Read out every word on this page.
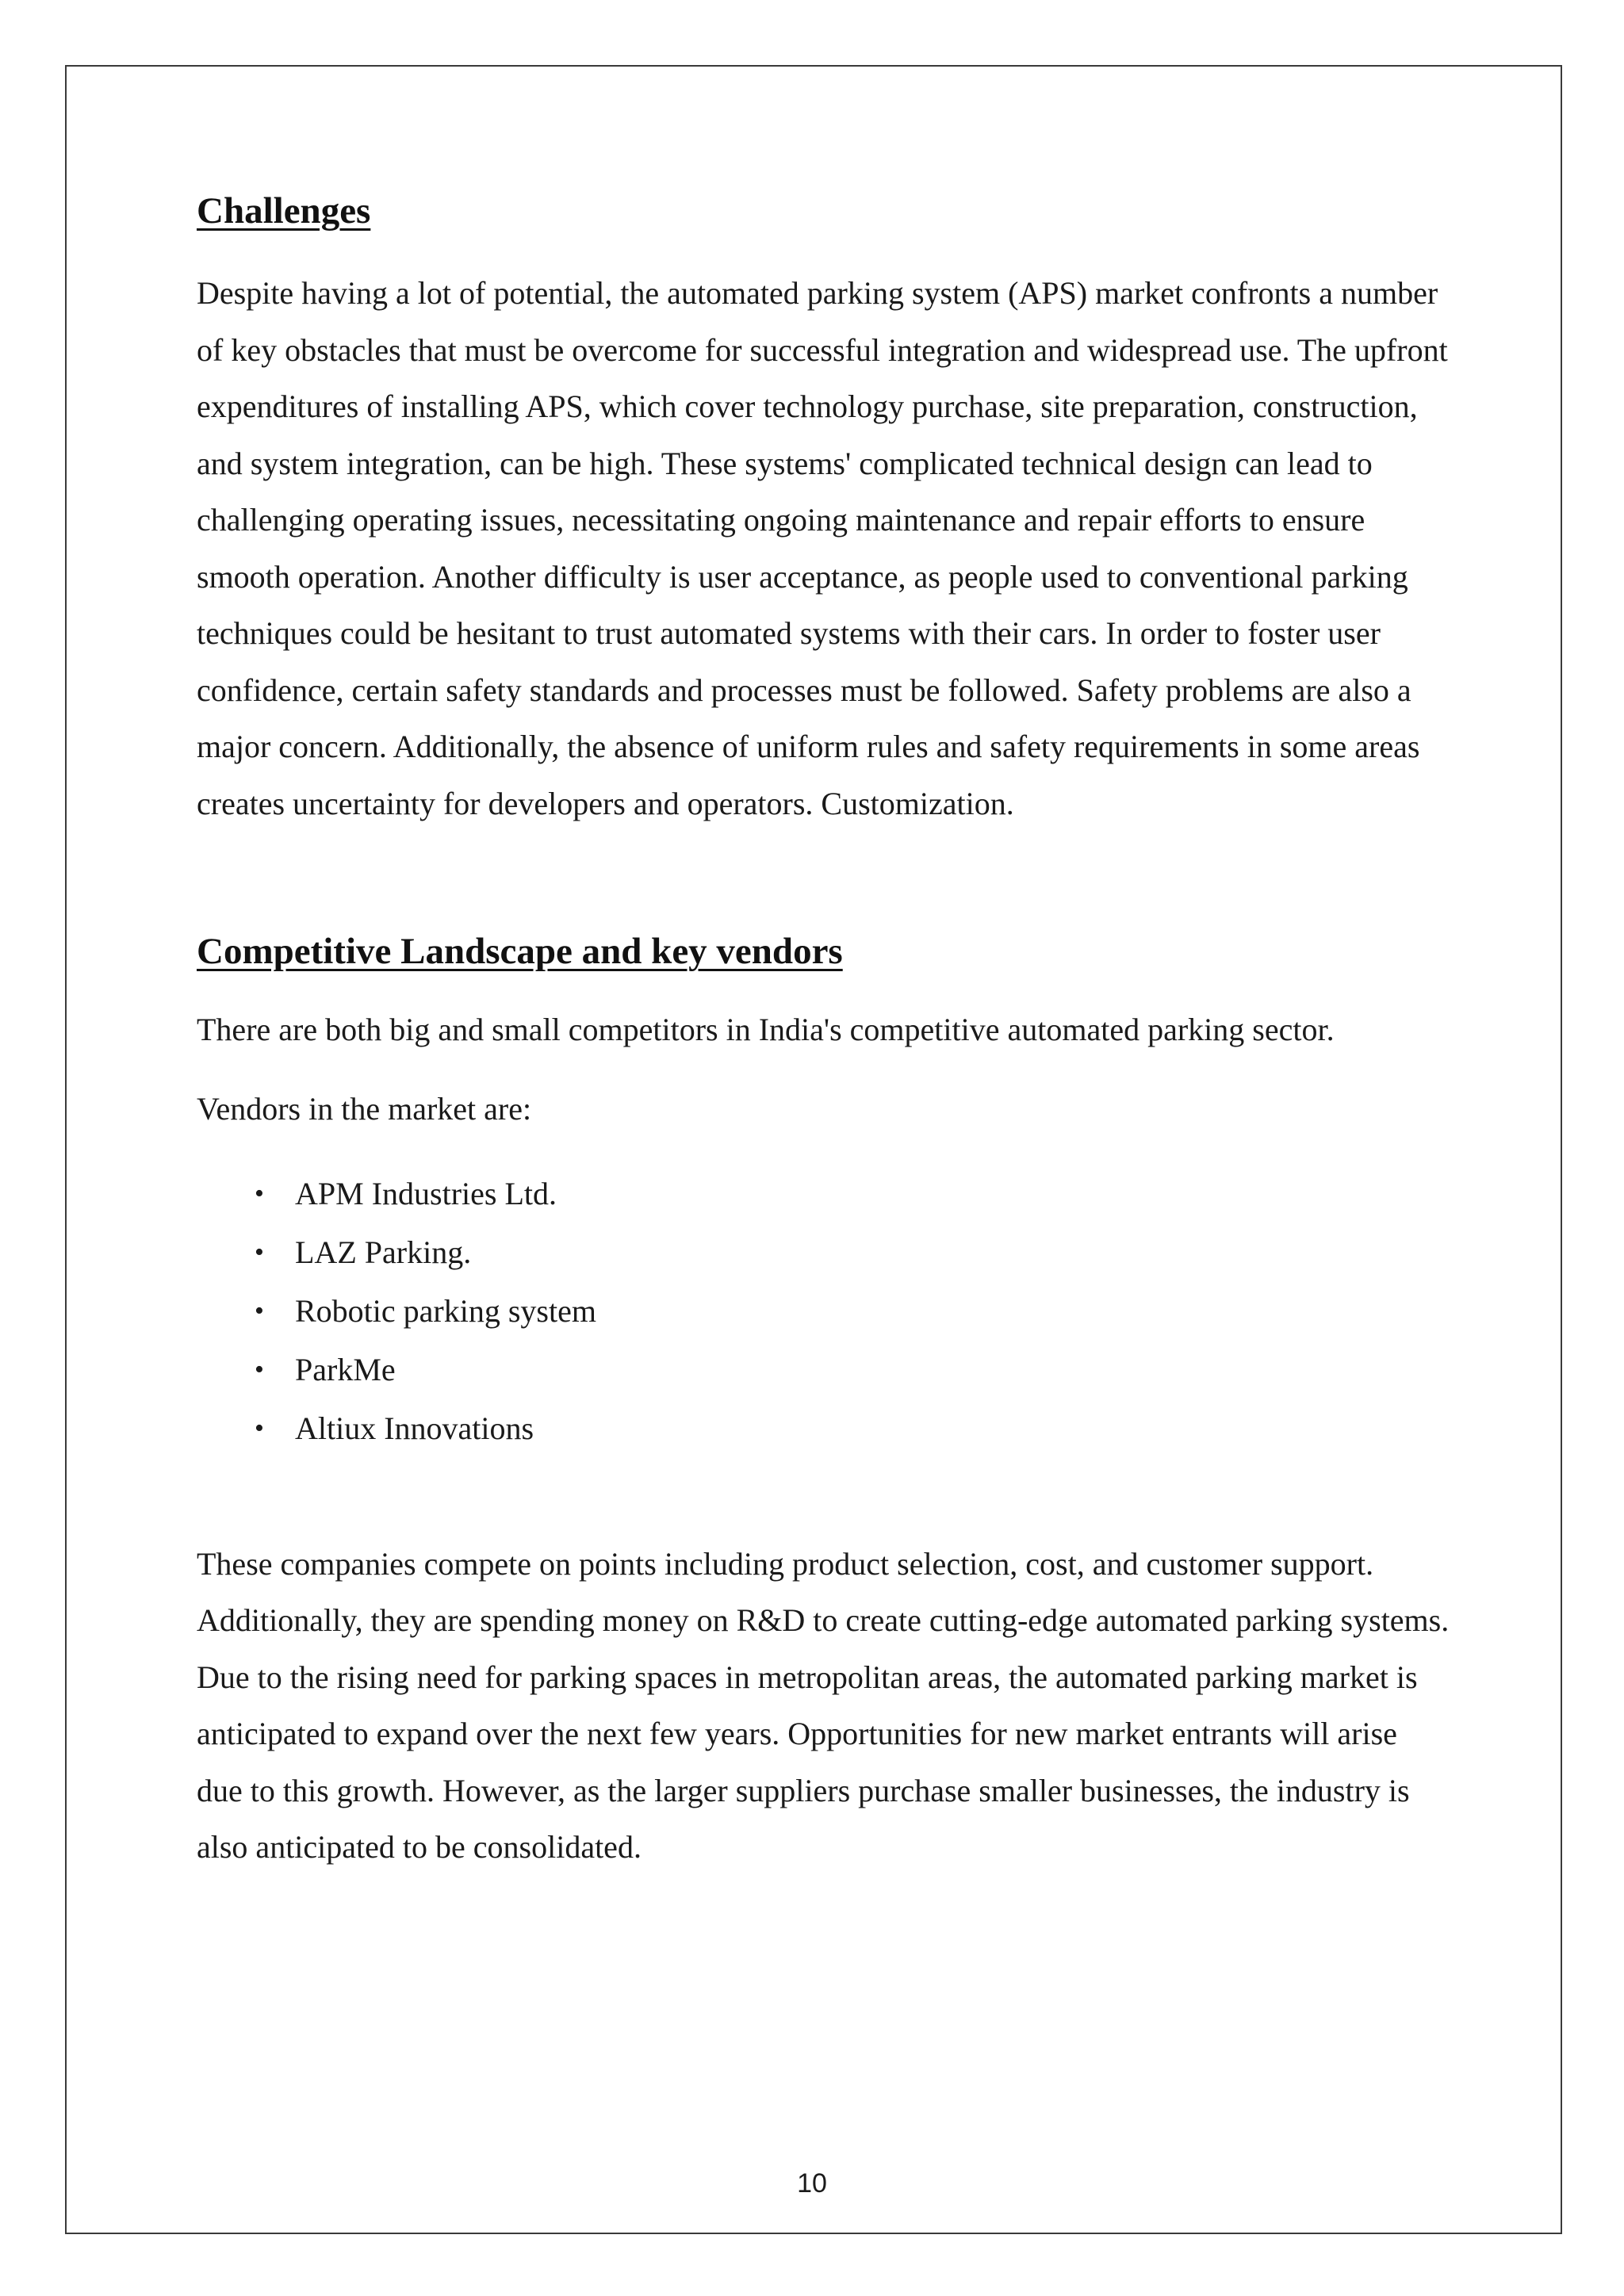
Challenges

Despite having a lot of potential, the automated parking system (APS) market confronts a number of key obstacles that must be overcome for successful integration and widespread use. The upfront expenditures of installing APS, which cover technology purchase, site preparation, construction, and system integration, can be high. These systems' complicated technical design can lead to challenging operating issues, necessitating ongoing maintenance and repair efforts to ensure smooth operation. Another difficulty is user acceptance, as people used to conventional parking techniques could be hesitant to trust automated systems with their cars. In order to foster user confidence, certain safety standards and processes must be followed. Safety problems are also a major concern. Additionally, the absence of uniform rules and safety requirements in some areas creates uncertainty for developers and operators. Customization.

Competitive Landscape and key vendors

There are both big and small competitors in India's competitive automated parking sector.

Vendors in the market are:

• APM Industries Ltd.
• LAZ Parking.
• Robotic parking system
• ParkMe
• Altiux Innovations

These companies compete on points including product selection, cost, and customer support. Additionally, they are spending money on R&D to create cutting-edge automated parking systems. Due to the rising need for parking spaces in metropolitan areas, the automated parking market is anticipated to expand over the next few years. Opportunities for new market entrants will arise due to this growth. However, as the larger suppliers purchase smaller businesses, the industry is also anticipated to be consolidated.

10
